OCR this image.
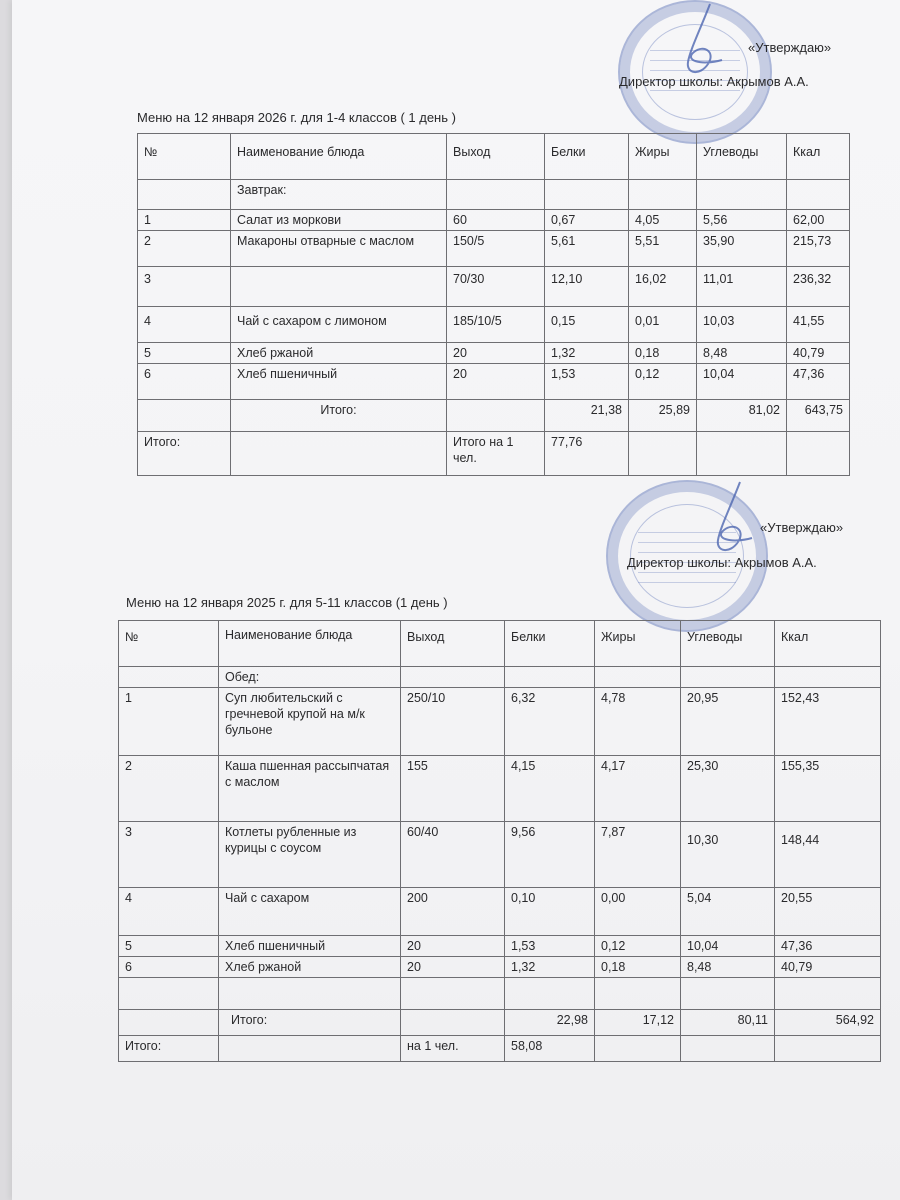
«Утверждаю»
Директор школы: Акрымов А.А.
Меню на 12 января 2026 г. для 1-4 классов ( 1 день )
№	Наименование блюда	Выход	Белки	Жиры	Углеводы	Ккал
	Завтрак:					
1	Салат из моркови	60	0,67	4,05	5,56	62,00
2	Макароны отварные с маслом	150/5	5,61	5,51	35,90	215,73
3		70/30	12,10	16,02	11,01	236,32
4	Чай с сахаром с лимоном	185/10/5	0,15	0,01	10,03	41,55
5	Хлеб ржаной	20	1,32	0,18	8,48	40,79
6	Хлеб пшеничный	20	1,53	0,12	10,04	47,36
	Итого:		21,38	25,89	81,02	643,75
Итого:		Итого на 1 чел.	77,76			
«Утверждаю»
Директор школы: Акрымов А.А.
Меню на 12 января 2025 г. для 5-11 классов (1 день )
№	Наименование блюда	Выход	Белки	Жиры	Углеводы	Ккал
	Обед:					
1	Суп любительский с гречневой крупой на м/к бульоне	250/10	6,32	4,78	20,95	152,43
2	Каша пшенная рассыпчатая с маслом	155	4,15	4,17	25,30	155,35
3	Котлеты рубленные из курицы с соусом	60/40	9,56	7,87	10,30	148,44
4	Чай с сахаром	200	0,10	0,00	5,04	20,55
5	Хлеб пшеничный	20	1,53	0,12	10,04	47,36
6	Хлеб ржаной	20	1,32	0,18	8,48	40,79

	Итого:		22,98	17,12	80,11	564,92
Итого:		на 1 чел.	58,08			
